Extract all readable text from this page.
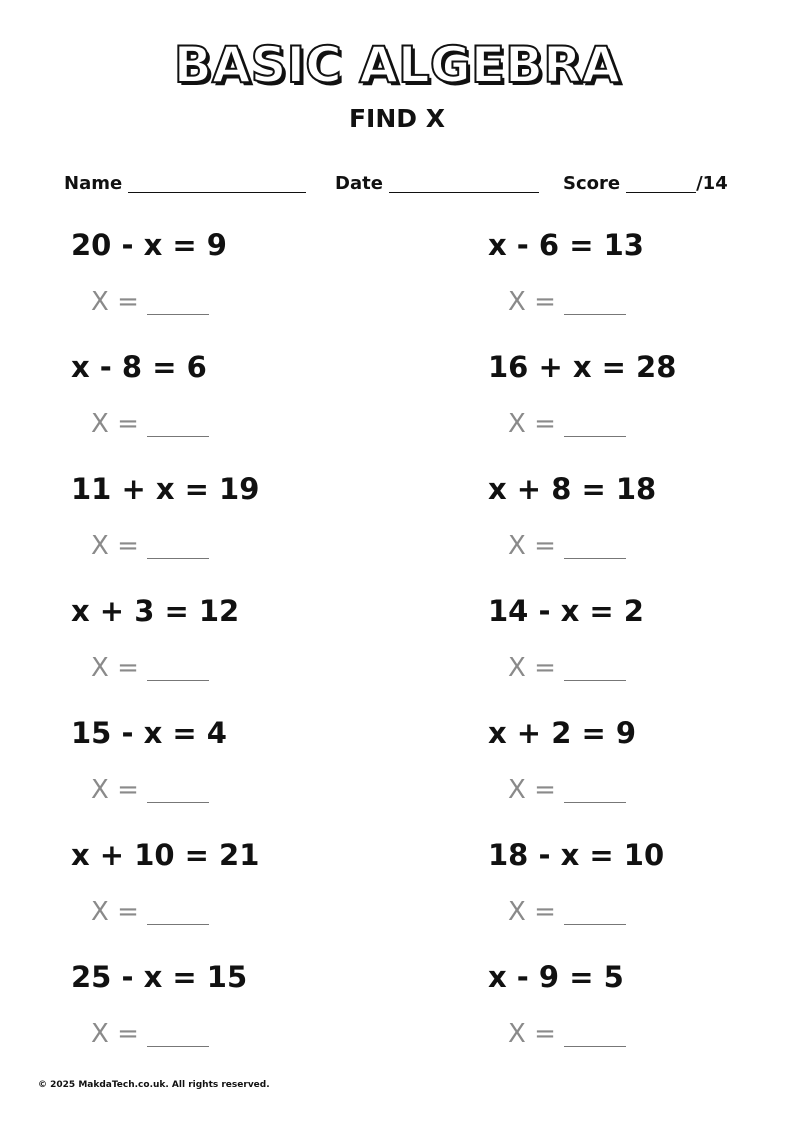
BASIC ALGEBRA
FIND X
Name	Date	Score	/14
20 - x = 9
X =
x - 8 = 6
X =
11 + x = 19
X =
x + 3 = 12
X =
15 - x = 4
X =
x + 10 = 21
X =
25 - x = 15
X =
x - 6 = 13
X =
16 + x = 28
X =
x + 8 = 18
X =
14 - x = 2
X =
x + 2 = 9
X =
18 - x = 10
X =
x - 9 = 5
X =
© 2025 MakdaTech.co.uk. All rights reserved.
